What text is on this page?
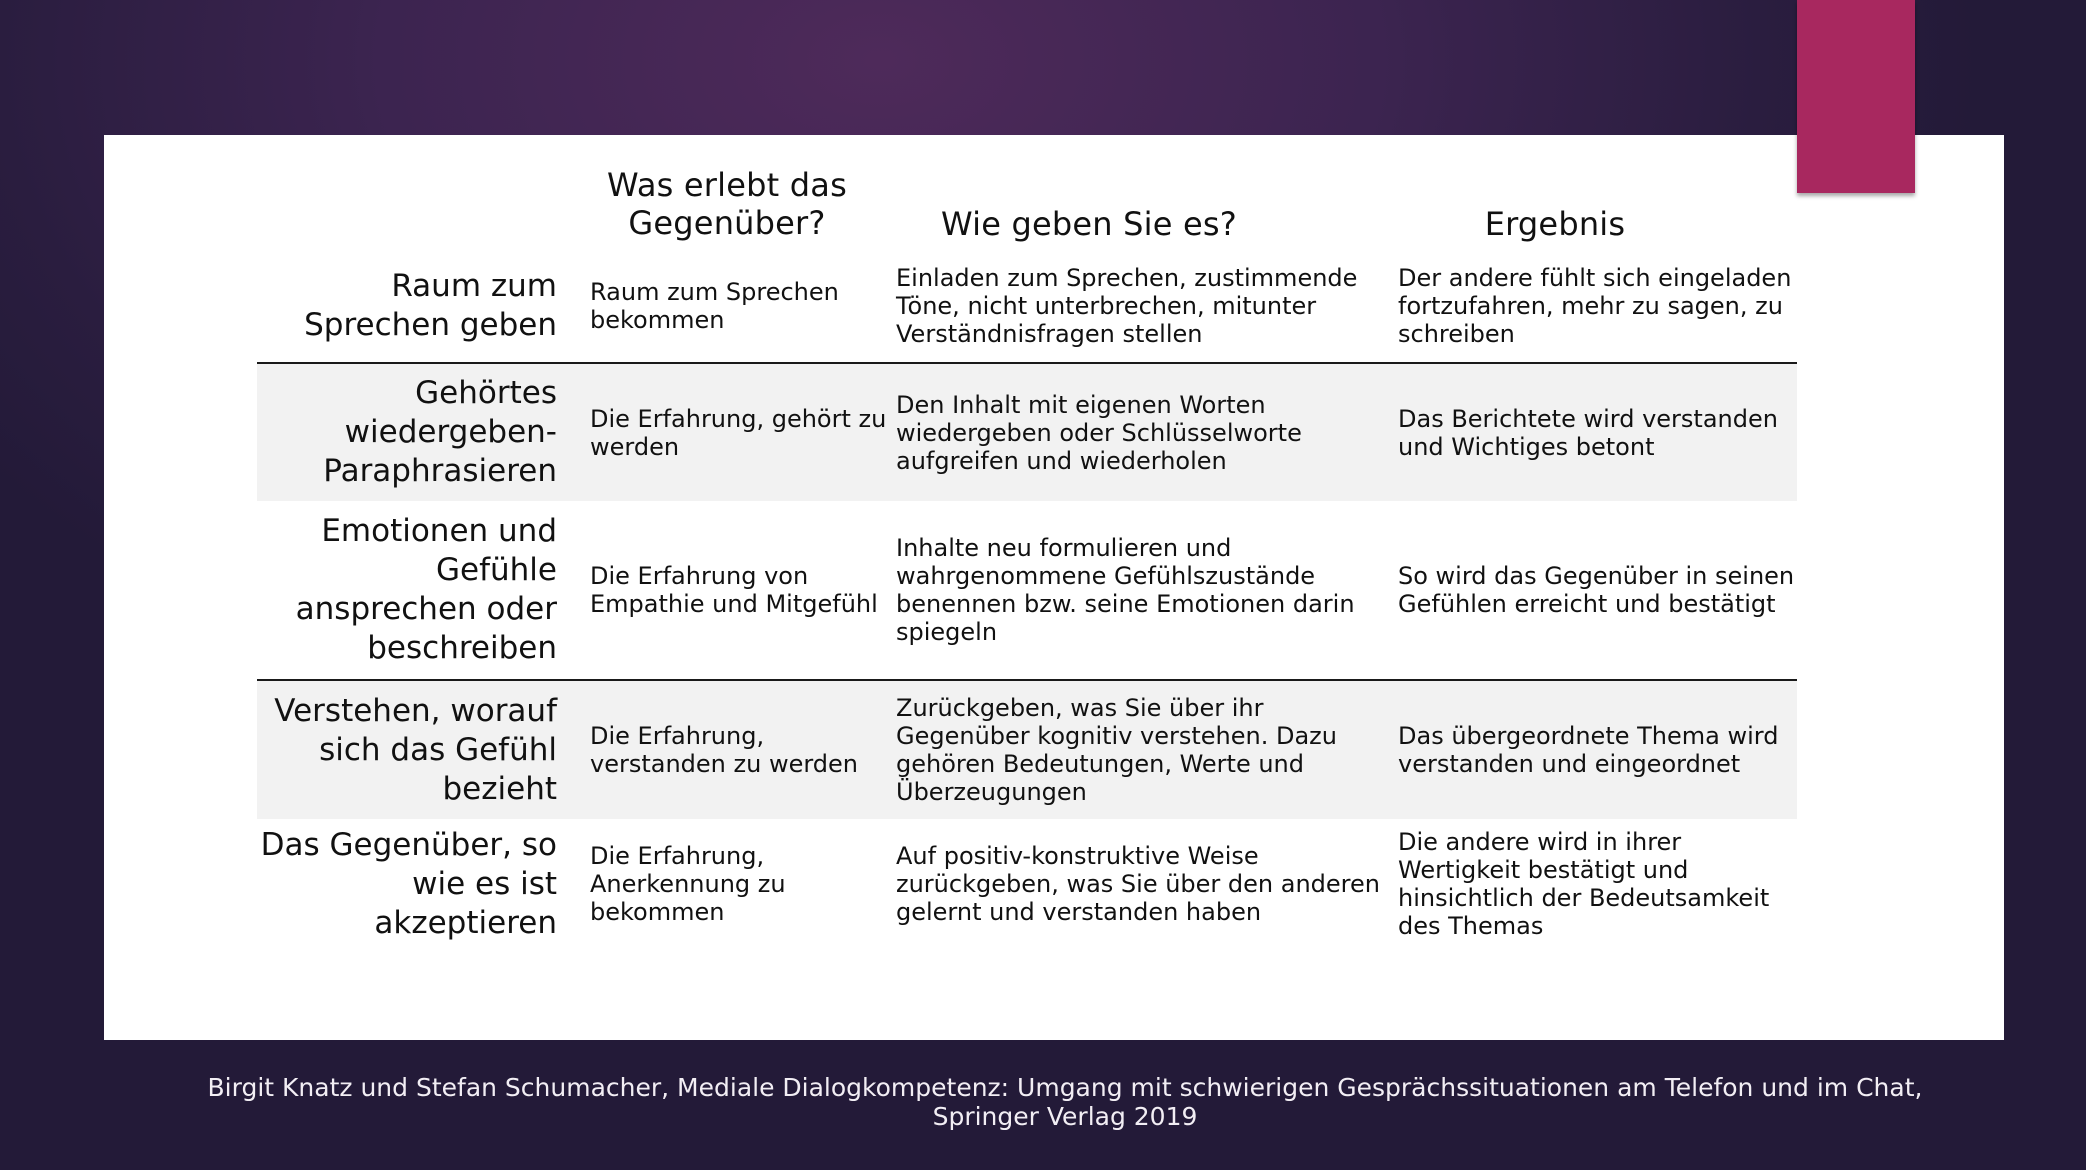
Was erlebt das Gegenüber?	Wie geben Sie es?	Ergebnis
Raum zum Sprechen geben
Raum zum Sprechen bekommen
Einladen zum Sprechen, zustimmende Töne, nicht unterbrechen, mitunter Verständnisfragen stellen
Der andere fühlt sich eingeladen fortzufahren, mehr zu sagen, zu schreiben
Gehörtes wiedergeben-Paraphrasieren
Die Erfahrung, gehört zu werden
Den Inhalt mit eigenen Worten wiedergeben oder Schlüsselworte aufgreifen und wiederholen
Das Berichtete wird verstanden und Wichtiges betont
Emotionen und Gefühle ansprechen oder beschreiben
Die Erfahrung von Empathie und Mitgefühl
Inhalte neu formulieren und wahrgenommene Gefühlszustände benennen bzw. seine Emotionen darin spiegeln
So wird das Gegenüber in seinen Gefühlen erreicht und bestätigt
Verstehen, worauf sich das Gefühl bezieht
Die Erfahrung, verstanden zu werden
Zurückgeben, was Sie über ihr Gegenüber kognitiv verstehen. Dazu gehören Bedeutungen, Werte und Überzeugungen
Das übergeordnete Thema wird verstanden und eingeordnet
Das Gegenüber, so wie es ist akzeptieren
Die Erfahrung, Anerkennung zu bekommen
Auf positiv-konstruktive Weise zurückgeben, was Sie über den anderen gelernt und verstanden haben
Die andere wird in ihrer Wertigkeit bestätigt und hinsichtlich der Bedeutsamkeit des Themas
Birgit Knatz und Stefan Schumacher, Mediale Dialogkompetenz: Umgang mit schwierigen Gesprächssituationen am Telefon und im Chat,
Springer Verlag 2019
